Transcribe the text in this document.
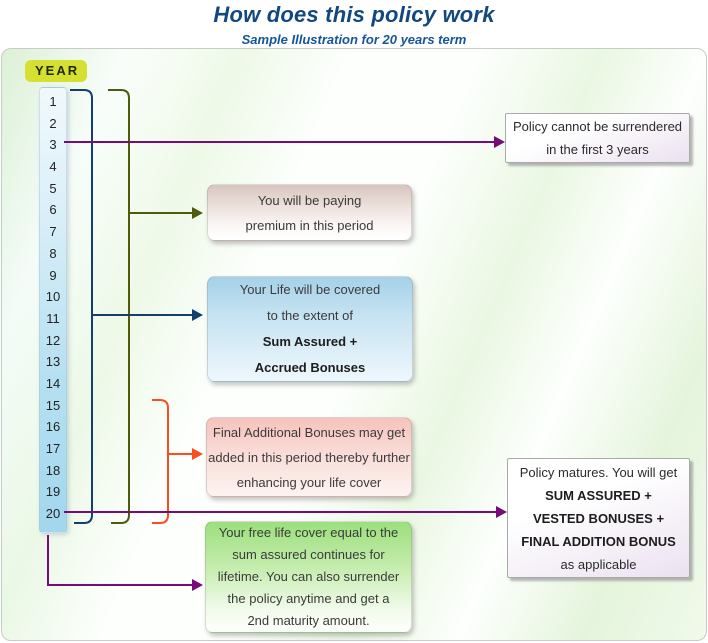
How does this policy work
Sample Illustration for 20 years term
YEAR
1
2
3
4
5
6
7
8
9
10
11
12
13
14
15
16
17
18
19
20
You will be paying
premium in this period
Your Life will be covered
to the extent of
Sum Assured +
Accrued Bonuses
Final Additional Bonuses may get
added in this period thereby further
enhancing your life cover
Your free life cover equal to the
sum assured continues for
lifetime. You can also surrender
the policy anytime and get a
2nd maturity amount.
Policy cannot be surrendered
in the first 3 years
Policy matures. You will get
SUM ASSURED +
VESTED BONUSES +
FINAL ADDITION BONUS
as applicable
